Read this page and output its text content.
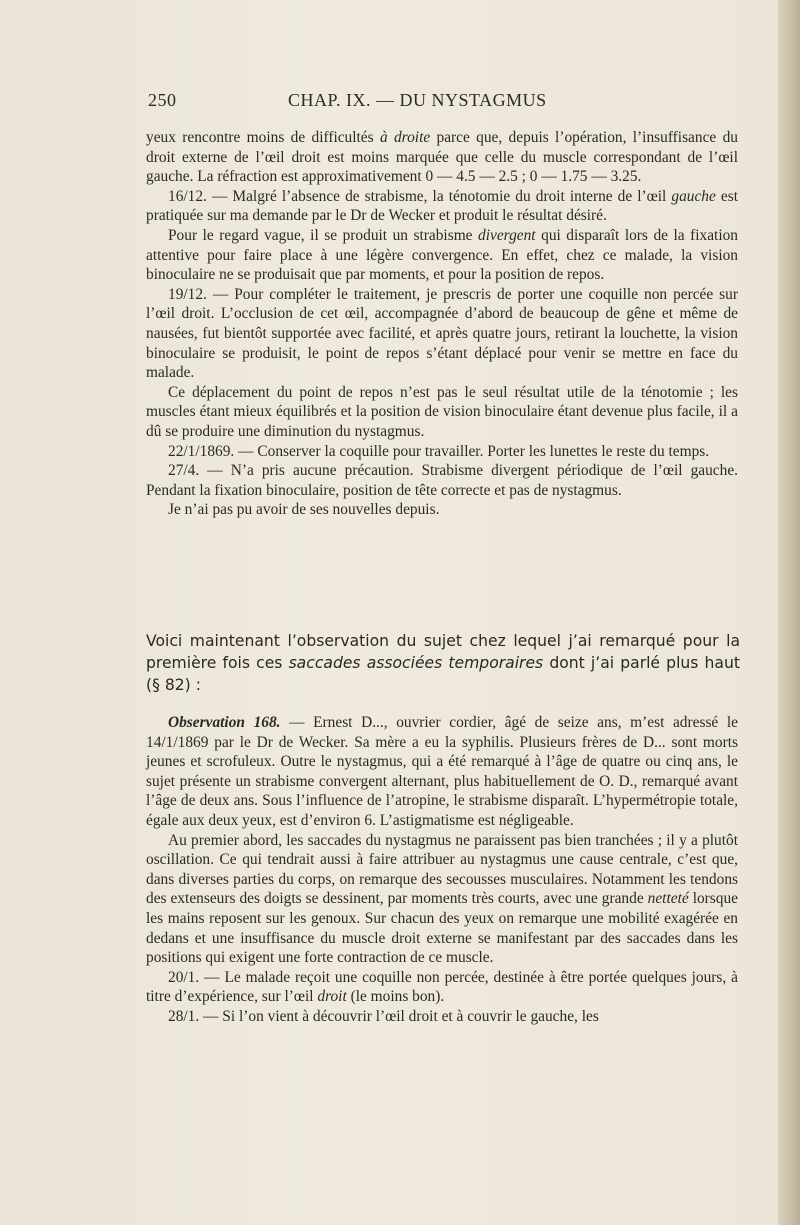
250	CHAP. IX. — DU NYSTAGMUS

yeux rencontre moins de difficultés à droite parce que, depuis l’opération, l’insuffisance du droit externe de l’œil droit est moins marquée que celle du muscle correspondant de l’œil gauche. La réfraction est approximativement 0 — 4.5 — 2.5 ; 0 — 1.75 — 3.25.

16/12. — Malgré l’absence de strabisme, la ténotomie du droit interne de l’œil gauche est pratiquée sur ma demande par le Dr de Wecker et produit le résultat désiré.

Pour le regard vague, il se produit un strabisme divergent qui disparaît lors de la fixation attentive pour faire place à une légère convergence. En effet, chez ce malade, la vision binoculaire ne se produisait que par moments, et pour la position de repos.

19/12. — Pour compléter le traitement, je prescris de porter une coquille non percée sur l’œil droit. L’occlusion de cet œil, accompagnée d’abord de beaucoup de gêne et même de nausées, fut bientôt supportée avec facilité, et après quatre jours, retirant la louchette, la vision binoculaire se produisit, le point de repos s’étant déplacé pour venir se mettre en face du malade.

Ce déplacement du point de repos n’est pas le seul résultat utile de la ténotomie ; les muscles étant mieux équilibrés et la position de vision binoculaire étant devenue plus facile, il a dû se produire une diminution du nystagmus.

22/1/1869. — Conserver la coquille pour travailler. Porter les lunettes le reste du temps.

27/4. — N’a pris aucune précaution. Strabisme divergent périodique de l’œil gauche. Pendant la fixation binoculaire, position de tête correcte et pas de nystagmus.

Je n’ai pas pu avoir de ses nouvelles depuis.

Voici maintenant l’observation du sujet chez lequel j’ai remarqué pour la première fois ces saccades associées temporaires dont j’ai parlé plus haut (§ 82) :

Observation 168. — Ernest D..., ouvrier cordier, âgé de seize ans, m’est adressé le 14/1/1869 par le Dr de Wecker. Sa mère a eu la syphilis. Plusieurs frères de D... sont morts jeunes et scrofuleux. Outre le nystagmus, qui a été remarqué à l’âge de quatre ou cinq ans, le sujet présente un strabisme convergent alternant, plus habituellement de O. D., remarqué avant l’âge de deux ans. Sous l’influence de l’atropine, le strabisme disparaît. L’hypermétropie totale, égale aux deux yeux, est d’environ 6. L’astigmatisme est négligeable.

Au premier abord, les saccades du nystagmus ne paraissent pas bien tranchées ; il y a plutôt oscillation. Ce qui tendrait aussi à faire attribuer au nystagmus une cause centrale, c’est que, dans diverses parties du corps, on remarque des secousses musculaires. Notamment les tendons des extenseurs des doigts se dessinent, par moments très courts, avec une grande netteté lorsque les mains reposent sur les genoux. Sur chacun des yeux on remarque une mobilité exagérée en dedans et une insuffisance du muscle droit externe se manifestant par des saccades dans les positions qui exigent une forte contraction de ce muscle.

20/1. — Le malade reçoit une coquille non percée, destinée à être portée quelques jours, à titre d’expérience, sur l’œil droit (le moins bon).

28/1. — Si l’on vient à découvrir l’œil droit et à couvrir le gauche, les
